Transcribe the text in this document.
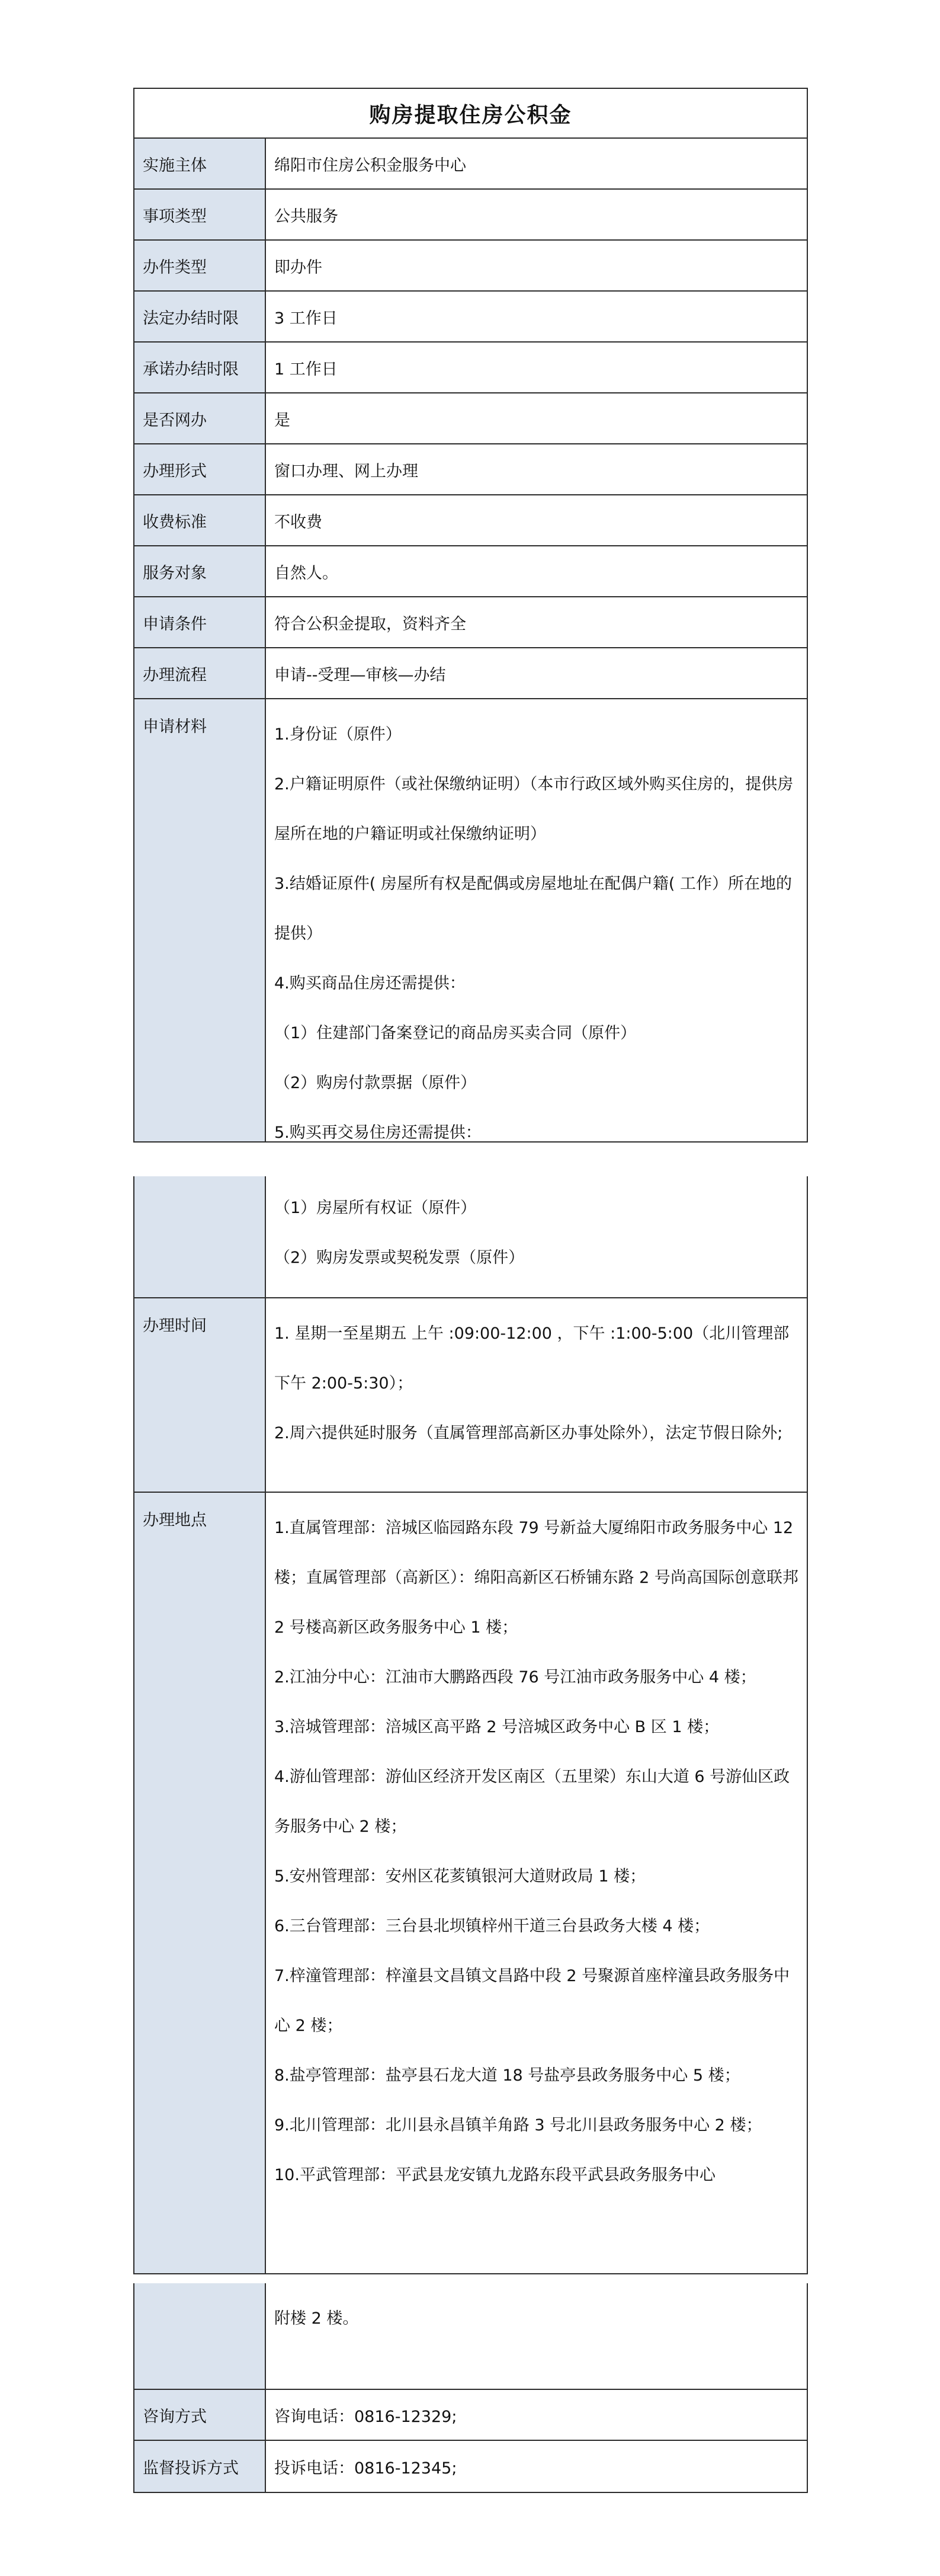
购房提取住房公积金
实施主体	绵阳市住房公积金服务中心
事项类型	公共服务
办件类型	即办件
法定办结时限	3 工作日
承诺办结时限	1 工作日
是否网办	是
办理形式	窗口办理、网上办理
收费标准	不收费
服务对象	自然人。
申请条件	符合公积金提取，资料齐全
办理流程	申请--受理—审核—办结
申请材料	1.身份证（原件）

2.户籍证明原件（或社保缴纳证明）（本市行政区域外购买住房的，提供房屋所在地的户籍证明或社保缴纳证明）

3.结婚证原件( 房屋所有权是配偶或房屋地址在配偶户籍( 工作）所在地的提供）

4.购买商品住房还需提供：

（1）住建部门备案登记的商品房买卖合同（原件）

（2）购房付款票据（原件）

5.购买再交易住房还需提供：

（1）房屋所有权证（原件）

（2）购房发票或契税发票（原件）

办理时间	1. 星期一至星期五 上午 :09:00-12:00 ，下午 :1:00-5:00（北川管理部下午 2:00-5:30）；

2.周六提供延时服务（直属管理部高新区办事处除外），法定节假日除外;

办理地点	1.直属管理部：涪城区临园路东段 79 号新益大厦绵阳市政务服务中心 12 楼；直属管理部（高新区）：绵阳高新区石桥铺东路 2 号尚高国际创意联邦 2 号楼高新区政务服务中心 1 楼；

2.江油分中心：江油市大鹏路西段 76 号江油市政务服务中心 4 楼；

3.涪城管理部：涪城区高平路 2 号涪城区政务中心 B 区 1 楼；

4.游仙管理部：游仙区经济开发区南区（五里梁）东山大道 6 号游仙区政务服务中心 2 楼；

5.安州管理部：安州区花荄镇银河大道财政局 1 楼；

6.三台管理部：三台县北坝镇梓州干道三台县政务大楼 4 楼；

7.梓潼管理部：梓潼县文昌镇文昌路中段 2 号聚源首座梓潼县政务服务中心 2 楼；

8.盐亭管理部：盐亭县石龙大道 18 号盐亭县政务服务中心 5 楼；

9.北川管理部：北川县永昌镇羊角路 3 号北川县政务服务中心 2 楼；

10.平武管理部：平武县龙安镇九龙路东段平武县政务服务中心

附楼 2 楼。

咨询方式	咨询电话：0816-12329;
监督投诉方式	投诉电话：0816-12345;
